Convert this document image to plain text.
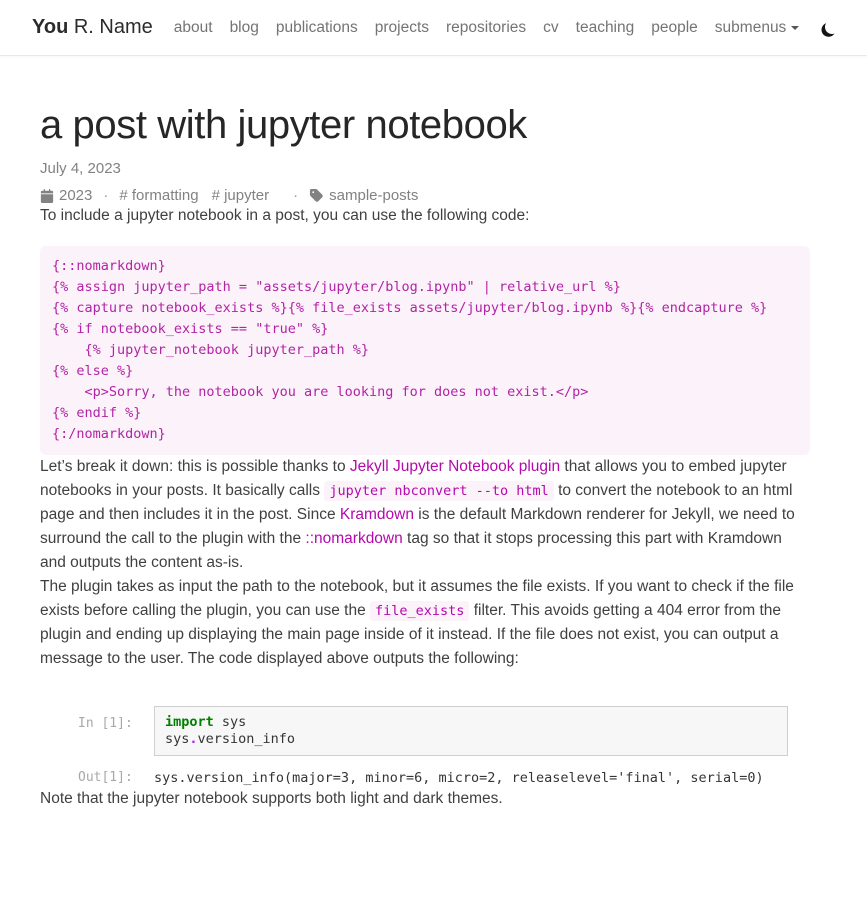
You R. Name about blog publications projects repositories cv teaching people submenus
a post with jupyter notebook
July 4, 2023
2023 · # formatting # jupyter · sample-posts

To include a jupyter notebook in a post, you can use the following code:

{::nomarkdown}
{% assign jupyter_path = "assets/jupyter/blog.ipynb" | relative_url %}
{% capture notebook_exists %}{% file_exists assets/jupyter/blog.ipynb %}{% endcapture %}
{% if notebook_exists == "true" %}
{% jupyter_notebook jupyter_path %}
{% else %}
<p>Sorry, the notebook you are looking for does not exist.</p>
{% endif %}
{:/nomarkdown}

Let’s break it down: this is possible thanks to Jekyll Jupyter Notebook plugin that allows you to embed jupyter notebooks in your posts. It basically calls jupyter nbconvert --to html to convert the notebook to an html page and then includes it in the post. Since Kramdown is the default Markdown renderer for Jekyll, we need to surround the call to the plugin with the ::nomarkdown tag so that it stops processing this part with Kramdown and outputs the content as-is.

The plugin takes as input the path to the notebook, but it assumes the file exists. If you want to check if the file exists before calling the plugin, you can use the file_exists filter. This avoids getting a 404 error from the plugin and ending up displaying the main page inside of it instead. If the file does not exist, you can output a message to the user. The code displayed above outputs the following:

In [1]:	import sys
sys.version_info
Out[1]:	sys.version_info(major=3, minor=6, micro=2, releaselevel='final', serial=0)

Note that the jupyter notebook supports both light and dark themes.
